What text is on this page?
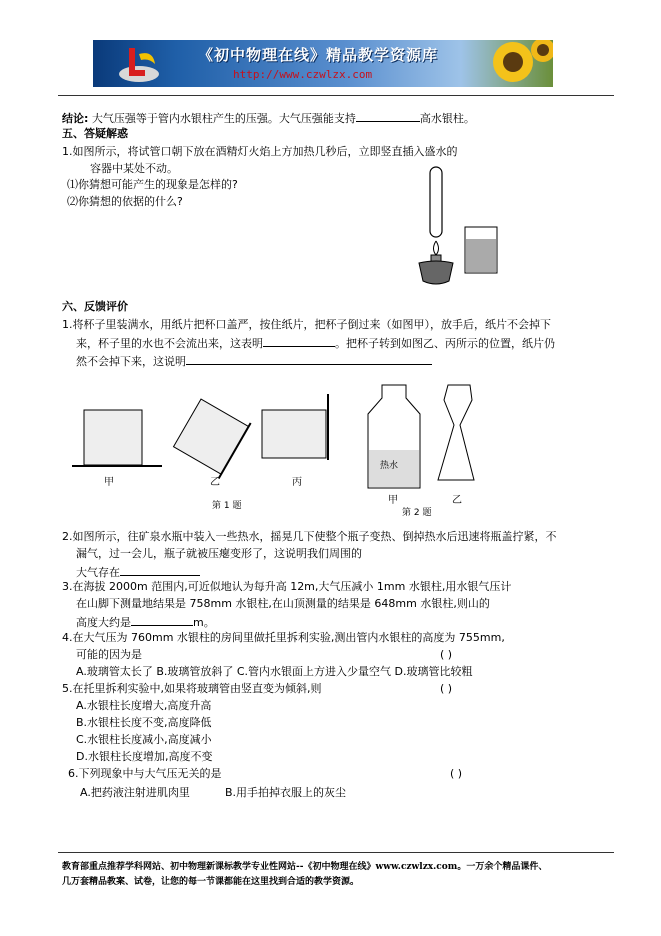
《初中物理在线》精品教学资源库
http://www.czwlzx.com
结论: 大气压强等于管内水银柱产生的压强。大气压强能支持	高水银柱。
五、答疑解惑
1.如图所示，将试管口朝下放在酒精灯火焰上方加热几秒后，立即竖直插入盛水的
容器中某处不动。
⑴你猜想可能产生的现象是怎样的?
⑵你猜想的依据的什么?
六、反馈评价
1.将杯子里装满水，用纸片把杯口盖严，按住纸片，把杯子倒过来（如图甲），放手后，纸片不会掉下
来，杯子里的水也不会流出来，这表明	。把杯子转到如图乙、丙所示的位置，纸片仍
然不会掉下来，这说明
甲	乙	丙
甲	乙
热水
第 1 题
第 2 题
2.如图所示，往矿泉水瓶中装入一些热水，摇晃几下使整个瓶子变热、倒掉热水后迅速将瓶盖拧紧，不
漏气，过一会儿，瓶子就被压瘪变形了，这说明我们周围的
大气存在
3.在海拔 2000m 范围内,可近似地认为每升高 12m,大气压减小 1mm 水银柱,用水银气压计
在山脚下测量地结果是 758mm 水银柱,在山顶测量的结果是 648mm 水银柱,则山的
高度大约是	m。
4.在大气压为 760mm 水银柱的房间里做托里拆利实验,测出管内水银柱的高度为 755mm,
可能的因为是	( )
A.玻璃管太长了 B.玻璃管放斜了 C.管内水银面上方进入少量空气 D.玻璃管比较粗
5.在托里拆利实验中,如果将玻璃管由竖直变为倾斜,则	( )
A.水银柱长度增大,高度升高
B.水银柱长度不变,高度降低
C.水银柱长度减小,高度减小
D.水银柱长度增加,高度不变
6.下列现象中与大气压无关的是	( )
A.把药液注射进肌肉里	B.用手拍掉衣服上的灰尘
教育部重点推荐学科网站、初中物理新课标教学专业性网站--《初中物理在线》www.czwlzx.com。一万余个精品课件、
几万套精品教案、试卷，让您的每一节课都能在这里找到合适的教学资源。
